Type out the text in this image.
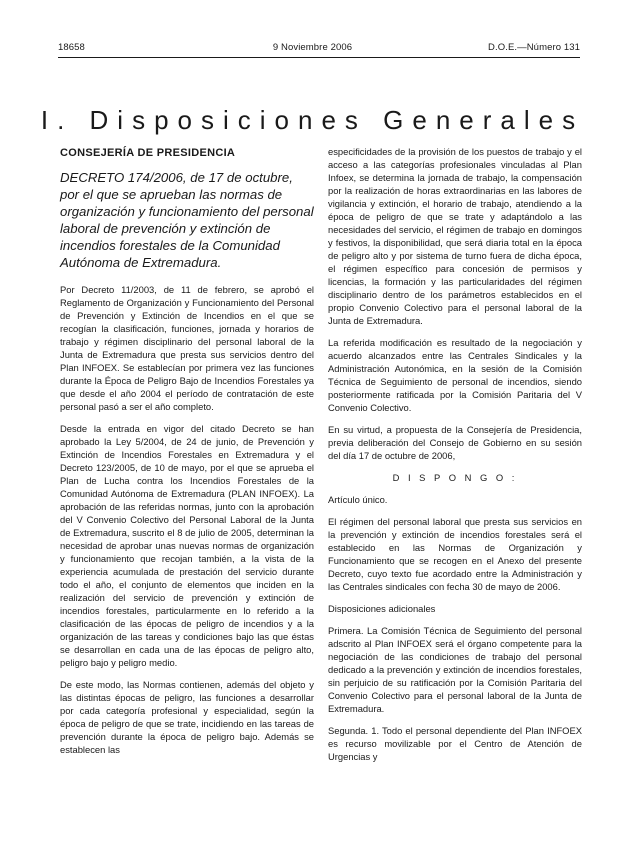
18658	9 Noviembre 2006	D.O.E.—Número 131
I. Disposiciones Generales
CONSEJERÍA DE PRESIDENCIA
DECRETO 174/2006, de 17 de octubre, por el que se aprueban las normas de organización y funcionamiento del personal laboral de prevención y extinción de incendios forestales de la Comunidad Autónoma de Extremadura.

Por Decreto 11/2003, de 11 de febrero, se aprobó el Reglamento de Organización y Funcionamiento del Personal de Prevención y Extinción de Incendios en el que se recogían la clasificación, funciones, jornada y horarios de trabajo y régimen disciplinario del personal laboral de la Junta de Extremadura que presta sus servicios dentro del Plan INFOEX. Se establecían por primera vez las funciones durante la Época de Peligro Bajo de Incendios Forestales ya que desde el año 2004 el período de contratación de este personal pasó a ser el año completo.

Desde la entrada en vigor del citado Decreto se han aprobado la Ley 5/2004, de 24 de junio, de Prevención y Extinción de Incendios Forestales en Extremadura y el Decreto 123/2005, de 10 de mayo, por el que se aprueba el Plan de Lucha contra los Incendios Forestales de la Comunidad Autónoma de Extremadura (PLAN INFOEX). La aprobación de las referidas normas, junto con la aprobación del V Convenio Colectivo del Personal Laboral de la Junta de Extremadura, suscrito el 8 de julio de 2005, determinan la necesidad de aprobar unas nuevas normas de organización y funcionamiento que recojan también, a la vista de la experiencia acumulada de prestación del servicio durante todo el año, el conjunto de elementos que inciden en la realización del servicio de prevención y extinción de incendios forestales, particularmente en lo referido a la clasificación de las épocas de peligro de incendios y a la organización de las tareas y condiciones bajo las que éstas se desarrollan en cada una de las épocas de peligro alto, peligro bajo y peligro medio.

De este modo, las Normas contienen, además del objeto y las distintas épocas de peligro, las funciones a desarrollar por cada categoría profesional y especialidad, según la época de peligro de que se trate, incidiendo en las tareas de prevención durante la época de peligro bajo. Además se establecen las

especificidades de la provisión de los puestos de trabajo y el acceso a las categorías profesionales vinculadas al Plan Infoex, se determina la jornada de trabajo, la compensación por la realización de horas extraordinarias en las labores de vigilancia y extinción, el horario de trabajo, atendiendo a la época de peligro de que se trate y adaptándolo a las necesidades del servicio, el régimen de trabajo en domingos y festivos, la disponibilidad, que será diaria total en la época de peligro alto y por sistema de turno fuera de dicha época, el régimen específico para concesión de permisos y licencias, la formación y las particularidades del régimen disciplinario dentro de los parámetros establecidos en el propio Convenio Colectivo para el personal laboral de la Junta de Extremadura.

La referida modificación es resultado de la negociación y acuerdo alcanzados entre las Centrales Sindicales y la Administración Autonómica, en la sesión de la Comisión Técnica de Seguimiento de personal de incendios, siendo posteriormente ratificada por la Comisión Paritaria del V Convenio Colectivo.

En su virtud, a propuesta de la Consejería de Presidencia, previa deliberación del Consejo de Gobierno en su sesión del día 17 de octubre de 2006,

D I S P O N G O :
Artículo único.

El régimen del personal laboral que presta sus servicios en la prevención y extinción de incendios forestales será el establecido en las Normas de Organización y Funcionamiento que se recogen en el Anexo del presente Decreto, cuyo texto fue acordado entre la Administración y las Centrales sindicales con fecha 30 de mayo de 2006.

Disposiciones adicionales

Primera. La Comisión Técnica de Seguimiento del personal adscrito al Plan INFOEX será el órgano competente para la negociación de las condiciones de trabajo del personal dedicado a la prevención y extinción de incendios forestales, sin perjuicio de su ratificación por la Comisión Paritaria del Convenio Colectivo para el personal laboral de la Junta de Extremadura.

Segunda. 1. Todo el personal dependiente del Plan INFOEX es recurso movilizable por el Centro de Atención de Urgencias y
